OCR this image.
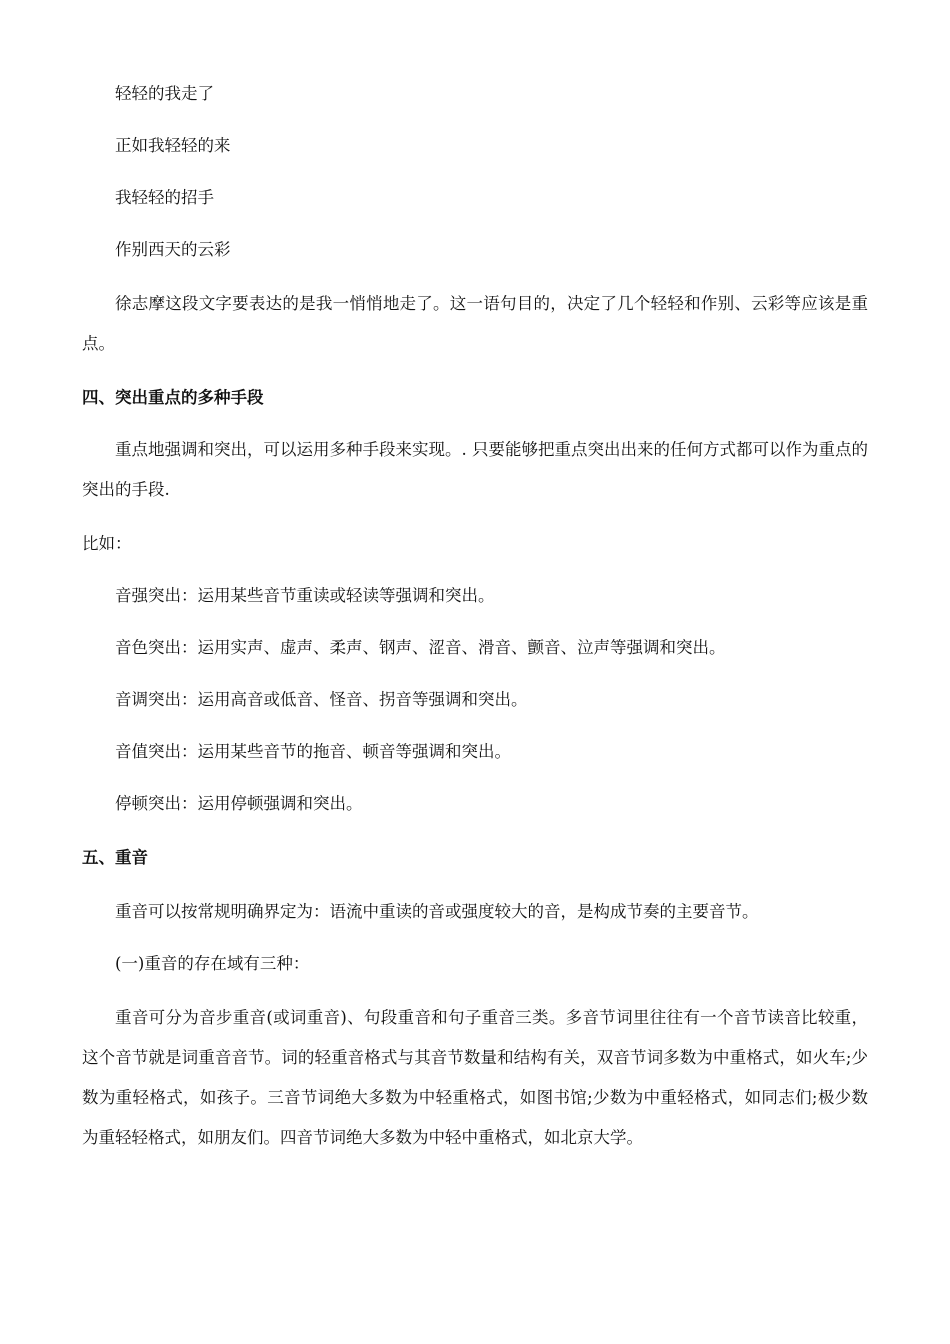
轻轻的我走了
正如我轻轻的来
我轻轻的招手
作别西天的云彩
徐志摩这段文字要表达的是我一悄悄地走了。这一语句目的，决定了几个轻轻和作别、云彩等应该是重点。
四、突出重点的多种手段
重点地强调和突出，可以运用多种手段来实现。. 只要能够把重点突出出来的任何方式都可以作为重点的突出的手段.
比如：
音强突出：运用某些音节重读或轻读等强调和突出。
音色突出：运用实声、虚声、柔声、钢声、涩音、滑音、颤音、泣声等强调和突出。
音调突出：运用高音或低音、怪音、拐音等强调和突出。
音值突出：运用某些音节的拖音、顿音等强调和突出。
停顿突出：运用停顿强调和突出。
五、重音
重音可以按常规明确界定为：语流中重读的音或强度较大的音，是构成节奏的主要音节。
(一)重音的存在域有三种：
重音可分为音步重音(或词重音)、句段重音和句子重音三类。多音节词里往往有一个音节读音比较重，这个音节就是词重音音节。词的轻重音格式与其音节数量和结构有关，双音节词多数为中重格式，如火车;少数为重轻格式，如孩子。三音节词绝大多数为中轻重格式，如图书馆;少数为中重轻格式，如同志们;极少数为重轻轻格式，如朋友们。四音节词绝大多数为中轻中重格式，如北京大学。
